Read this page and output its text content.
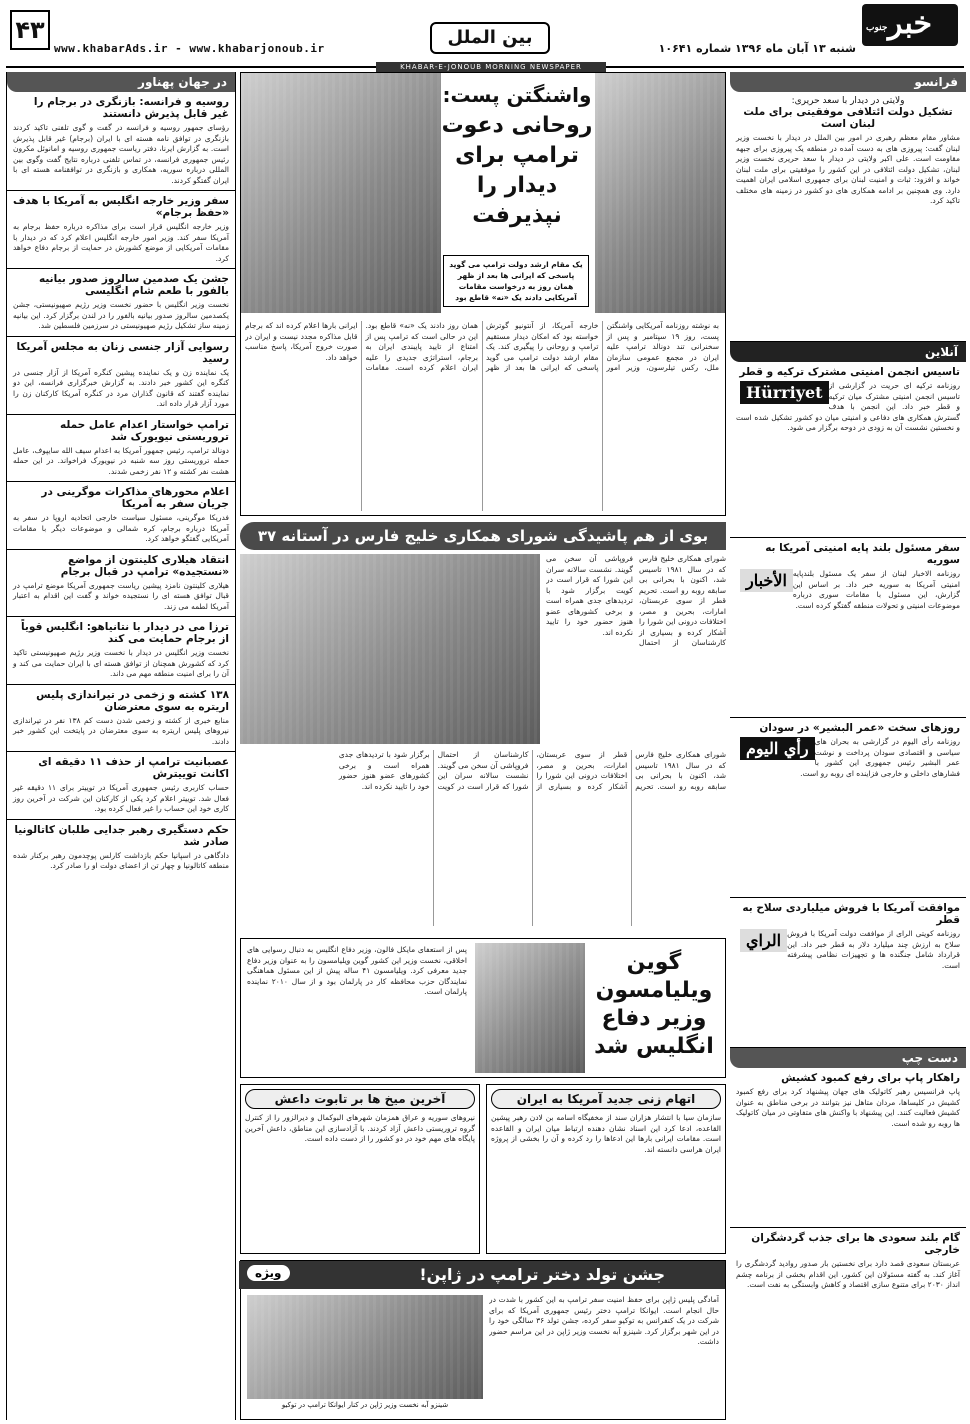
۴۳
www.khabarAds.ir - www.khabarjonoub.ir
بین الملل	جنوب خبر
شنبه ۱۳ آبان ماه ۱۳۹۶ شماره ۱۰۶۴۱
KHABAR-E-JONOUB MORNING NEWSPAPER
در جهان پهناور
روسیه و فرانسه: بازنگری در برجام را غیر قابل پذیرش دانستند

رؤسای جمهور روسیه و فرانسه در گفت و گوی تلفنی تاکید کردند بازنگری در توافق نامه هسته ای با ایران (برجام) غیر قابل پذیرش است. به گزارش ایرنا، دفتر ریاست جمهوری روسیه و امانوئل مکرون رئیس جمهوری فرانسه، در تماس تلفنی درباره نتایج گفت وگوی بین المللی درباره سوریه، همکاری و بازنگری در توافقنامه هسته ای با ایران گفتگو کردند.

سفر وزیر خارجه انگلیس به آمریکا با هدف «حفظ برجام»

وزیر خارجه انگلیس قرار است برای مذاکره درباره حفظ برجام به آمریکا سفر کند. وزیر امور خارجه انگلیس اعلام کرد که در دیدار با مقامات آمریکایی از موضع کشورش در حمایت از برجام دفاع خواهد کرد.

جشن یک صدمین سالروز صدور بیانیه بالفور با طعم شام انگلیسی

نخست وزیر انگلیس با حضور نخست وزیر رژیم صهیونیستی، جشن یکصدمین سالروز صدور بیانیه بالفور را در لندن برگزار کرد. این بیانیه زمینه ساز تشکیل رژیم صهیونیستی در سرزمین فلسطین شد.

رسوایی آزار جنسی زنان به مجلس آمریکا رسید

یک نماینده زن و یک نماینده پیشین کنگره آمریکا از آزار جنسی در کنگره این کشور خبر دادند. به گزارش خبرگزاری فرانسه، این دو نماینده گفتند که قانون گذاران مرد در کنگره آمریکا کارکنان زن را مورد آزار قرار داده اند.

ترامپ خواستار اعدام عامل حمله تروریستی نیویورک شد

دونالد ترامپ، رئیس جمهور آمریکا به اعدام سیف الله سایپوف، عامل حمله تروریستی روز سه شنبه در نیویورک فراخواند. در این حمله هشت نفر کشته و ۱۲ نفر زخمی شدند.

اعلام محورهای مذاکرات موگرینی در جریان سفر به آمریکا

فدریکا موگرینی، مسئول سیاست خارجی اتحادیه اروپا در سفر به آمریکا درباره برجام، کره شمالی و موضوعات دیگر با مقامات آمریکایی گفتگو خواهد کرد.

انتقاد هیلاری کلینتون از مواضع «نستجیده» ترامپ در قبال برجام

هیلاری کلینتون نامزد پیشین ریاست جمهوری آمریکا موضع ترامپ در قبال توافق هسته ای را نستجیده خواند و گفت این اقدام به اعتبار آمریکا لطمه می زند.

ترزا می در دیدار با نتانیاهو: انگلیس قویاً از برجام حمایت می کند

نخست وزیر انگلیس در دیدار با نخست وزیر رژیم صهیونیستی تاکید کرد که کشورش همچنان از توافق هسته ای با ایران حمایت می کند و آن را برای امنیت منطقه مهم می داند.

۱۳۸ کشته و زخمی در تیراندازی پلیس اریتره به سوی معترضان

منابع خبری از کشته و زخمی شدن دست کم ۱۳۸ نفر در تیراندازی نیروهای پلیس اریتره به سوی معترضان در پایتخت این کشور خبر دادند.

عصبانیت ترامپ از حذف ۱۱ دقیقه ای اکانت توییترش

حساب کاربری رئیس جمهوری آمریکا در توییتر برای ۱۱ دقیقه غیر فعال شد. توییتر اعلام کرد یکی از کارکنان این شرکت در آخرین روز کاری خود این حساب را غیر فعال کرده بود.

حکم دستگیری رهبر جدایی طلبان کاتالونیا صادر شد

دادگاهی در اسپانیا حکم بازداشت کارلس پوچدمون رهبر برکنار شده منطقه کاتالونیا و چهار تن از اعضای دولت او را صادر کرد.

واشنگتن پست:
روحانی دعوت ترامپ برای دیدار را نپذیرفت
یک مقام ارشد دولت ترامپ می گوید پاسخی که ایرانی ها بعد از ظهر همان روز به درخواست مقامات آمریکایی دادند یک «نه» قاطع بود
به نوشته روزنامه آمریکایی واشنگتن پست، روز ۱۹ سپتامبر و پس از سخنرانی تند دونالد ترامپ علیه ایران در مجمع عمومی سازمان ملل، رکس تیلرسون، وزیر امور خارجه آمریکا، از آنتونیو گوترش خواسته بود که امکان دیدار مستقیم ترامپ و روحانی را پیگیری کند. یک مقام ارشد دولت ترامپ می گوید پاسخی که ایرانی ها بعد از ظهر همان روز دادند یک «نه» قاطع بود. این در حالی است که ترامپ پس از امتناع از تایید پایبندی ایران به برجام، استراتژی جدیدی را علیه ایران اعلام کرده است. مقامات ایرانی بارها اعلام کرده اند که برجام قابل مذاکره مجدد نیست و ایران در صورت خروج آمریکا، پاسخ مناسب خواهد داد.
بوی از هم پاشیدگی شورای همکاری خلیج فارس در آستانه ۳۷
شورای همکاری خلیج فارس که در سال ۱۹۸۱ تاسیس شد، اکنون با بحرانی بی سابقه روبه رو است. تحریم قطر از سوی عربستان، امارات، بحرین و مصر، اختلافات درونی این شورا را آشکار کرده و بسیاری از کارشناسان از احتمال فروپاشی آن سخن می گویند. نشست سالانه سران این شورا که قرار است در کویت برگزار شود با تردیدهای جدی همراه است و برخی کشورهای عضو هنوز حضور خود را تایید نکرده اند.
شورای همکاری خلیج فارس که در سال ۱۹۸۱ تاسیس شد، اکنون با بحرانی بی سابقه روبه رو است. تحریم قطر از سوی عربستان، امارات، بحرین و مصر، اختلافات درونی این شورا را آشکار کرده و بسیاری از کارشناسان از احتمال فروپاشی آن سخن می گویند. نشست سالانه سران این شورا که قرار است در کویت برگزار شود با تردیدهای جدی همراه است و برخی کشورهای عضو هنوز حضور خود را تایید نکرده اند.
گوین ویلیامسون وزیر دفاع انگلیس شد
پس از استعفای مایکل فالون، وزیر دفاع انگلیس به دنبال رسوایی های اخلاقی، نخست وزیر این کشور گوین ویلیامسون را به عنوان وزیر دفاع جدید معرفی کرد. ویلیامسون ۴۱ ساله پیش از این مسئول هماهنگی نمایندگان حزب محافظه کار در پارلمان بود و از سال ۲۰۱۰ نماینده پارلمان است.
اتهام زنی جدید آمریکا به ایران
سازمان سیا با انتشار هزاران سند از مخفیگاه اسامه بن لادن رهبر پیشین القاعده، ادعا کرد این اسناد نشان دهنده ارتباط میان ایران و القاعده است. مقامات ایرانی بارها این ادعاها را رد کرده و آن را بخشی از پروژه ایران هراسی دانسته اند.
آخرین میخ ها بر تابوت داعش
نیروهای سوریه و عراق همزمان شهرهای البوکمال و دیرالزور را از کنترل گروه تروریستی داعش آزاد کردند. با آزادسازی این مناطق، داعش آخرین پایگاه های مهم خود در دو کشور را از دست داده است.
جشن تولد دختر ترامپ در ژاپن!
ویژه
آمادگی پلیس ژاپن برای حفظ امنیت سفر ترامپ به این کشور با شدت در حال انجام است. ایوانکا ترامپ دختر رئیس جمهوری آمریکا که برای شرکت در یک کنفرانس به توکیو سفر کرده، جشن تولد ۳۶ سالگی خود را در این شهر برگزار کرد. شینزو آبه نخست وزیر ژاپن در این مراسم حضور داشت.
شینزو آبه نخست وزیر ژاپن در کنار ایوانکا ترامپ در توکیو
فرانسو
ولایتی در دیدار با سعد حریری:
تشکیل دولت ائتلافی موفقیتی برای ملت لبنان است

مشاور مقام معظم رهبری در امور بین الملل در دیدار با نخست وزیر لبنان گفت: پیروزی های به دست آمده در منطقه یک پیروزی برای جبهه مقاومت است. علی اکبر ولایتی در دیدار با سعد حریری نخست وزیر لبنان، تشکیل دولت ائتلافی در این کشور را موفقیتی برای ملت لبنان خواند و افزود: ثبات و امنیت لبنان برای جمهوری اسلامی ایران اهمیت دارد. وی همچنین بر ادامه همکاری های دو کشور در زمینه های مختلف تاکید کرد.

آنلاین
تاسیس انجمن امنیتی مشترک ترکیه و قطر
Hürriyet روزنامه ترکیه ای حریت در گزارشی از تاسیس انجمن امنیتی مشترک میان ترکیه و قطر خبر داد. این انجمن با هدف گسترش همکاری های دفاعی و امنیتی میان دو کشور تشکیل شده است و نخستین نشست آن به زودی در دوحه برگزار می شود.

سفر مسئول بلند پایه امنیتی آمریکا به سوریه
الأخبار روزنامه الاخبار لبنان از سفر یک مسئول بلندپایه امنیتی آمریکا به سوریه خبر داد. بر اساس این گزارش، این مسئول با مقامات سوری درباره موضوعات امنیتی و تحولات منطقه گفتگو کرده است.

روزهای سخت «عمر البشیر» در سودان
رأي اليوم روزنامه رأی الیوم در گزارشی به بحران های سیاسی و اقتصادی سودان پرداخت و نوشت عمر البشیر رئیس جمهوری این کشور با فشارهای داخلی و خارجی فزاینده ای روبه رو است.

موافقت آمریکا با فروش میلیاردی سلاح به قطر
الراي روزنامه کویتی الرای از موافقت دولت آمریکا با فروش سلاح به ارزش چند میلیارد دلار به قطر خبر داد. این قرارداد شامل جنگنده ها و تجهیزات نظامی پیشرفته است.

دست چپ
راهکار پاپ برای رفع کمبود کشیش

پاپ فرانسیس رهبر کاتولیک های جهان پیشنهاد کرد برای رفع کمبود کشیش در کلیساها، مردان متاهل نیز بتوانند در برخی مناطق به عنوان کشیش فعالیت کنند. این پیشنهاد با واکنش های متفاوتی در میان کاتولیک ها روبه رو شده است.

گام بلند سعودی ها برای جذب گردشگران خارجی

عربستان سعودی قصد دارد برای نخستین بار صدور روادید گردشگری را آغاز کند. به گفته مسئولان این کشور، این اقدام بخشی از برنامه چشم انداز ۲۰۳۰ برای متنوع سازی اقتصاد و کاهش وابستگی به نفت است.
